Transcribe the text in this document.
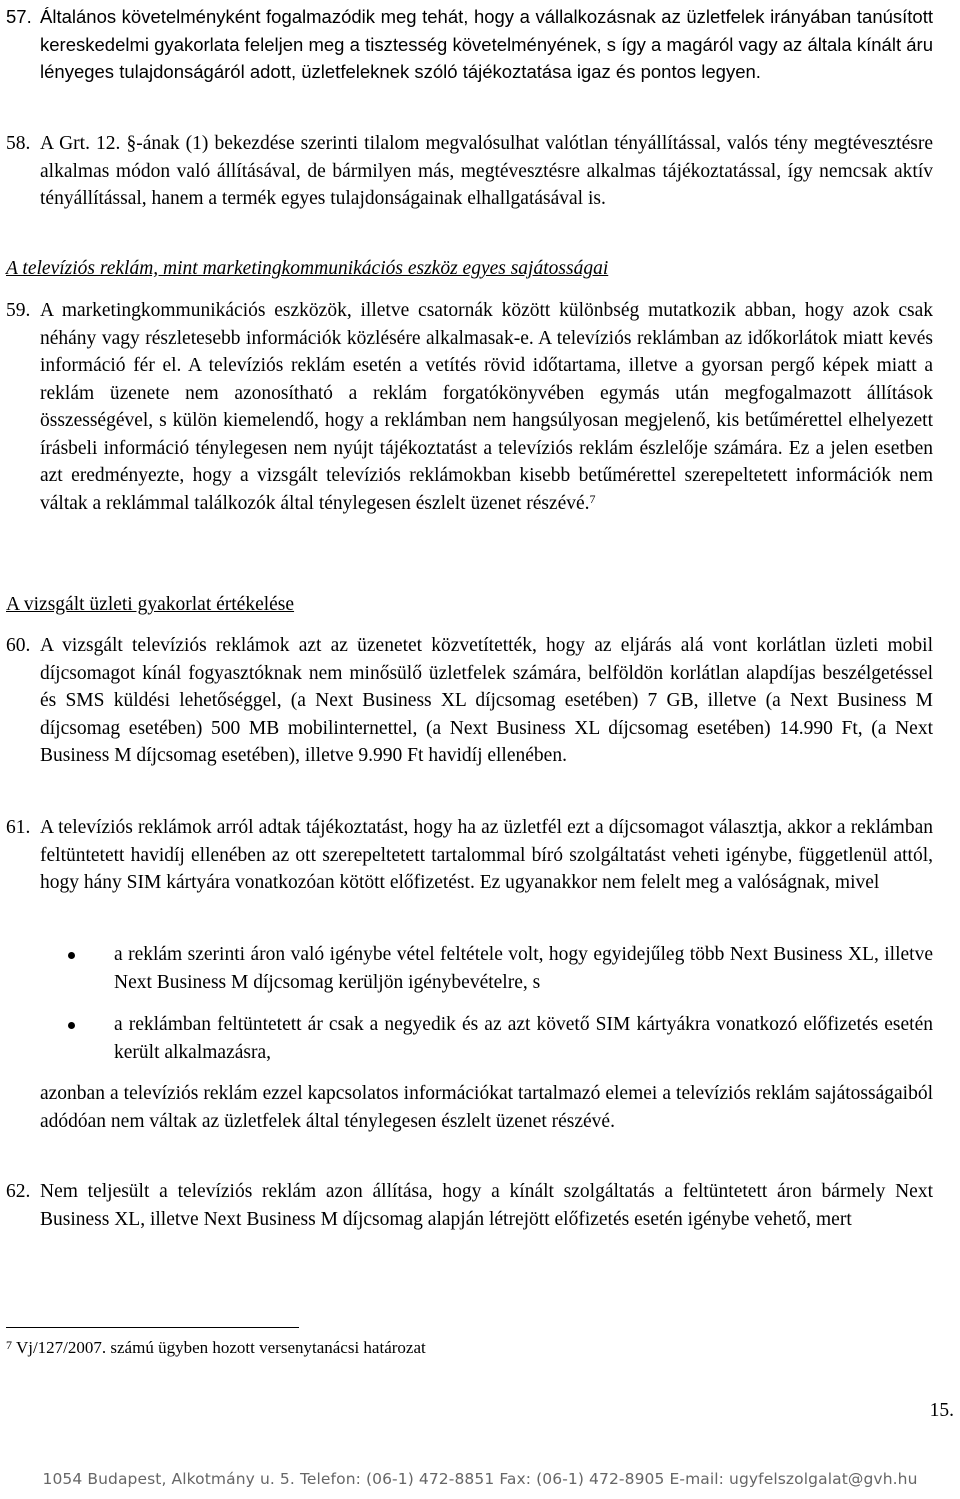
57. Általános követelményként fogalmazódik meg tehát, hogy a vállalkozásnak az üzletfelek irányában tanúsított kereskedelmi gyakorlata feleljen meg a tisztesség követelményének, s így a magáról vagy az általa kínált áru lényeges tulajdonságáról adott, üzletfeleknek szóló tájékoztatása igaz és pontos legyen.
58. A Grt. 12. §-ának (1) bekezdése szerinti tilalom megvalósulhat valótlan tényállítással, valós tény megtévesztésre alkalmas módon való állításával, de bármilyen más, megtévesztésre alkalmas tájékoztatással, így nemcsak aktív tényállítással, hanem a termék egyes tulajdonságainak elhallgatásával is.
A televíziós reklám, mint marketingkommunikációs eszköz egyes sajátosságai
59. A marketingkommunikációs eszközök, illetve csatornák között különbség mutatkozik abban, hogy azok csak néhány vagy részletesebb információk közlésére alkalmasak-e. A televíziós reklámban az időkorlátok miatt kevés információ fér el. A televíziós reklám esetén a vetítés rövid időtartama, illetve a gyorsan pergő képek miatt a reklám üzenete nem azonosítható a reklám forgatókönyvében egymás után megfogalmazott állítások összességével, s külön kiemelendő, hogy a reklámban nem hangsúlyosan megjelenő, kis betűmérettel elhelyezett írásbeli információ ténylegesen nem nyújt tájékoztatást a televíziós reklám észlelője számára. Ez a jelen esetben azt eredményezte, hogy a vizsgált televíziós reklámokban kisebb betűmérettel szerepeltetett információk nem váltak a reklámmal találkozók által ténylegesen észlelt üzenet részévé.$^7$
A vizsgált üzleti gyakorlat értékelése
60. A vizsgált televíziós reklámok azt az üzenetet közvetítették, hogy az eljárás alá vont korlátlan üzleti mobil díjcsomagot kínál fogyasztóknak nem minősülő üzletfelek számára, belföldön korlátlan alapdíjas beszélgetéssel és SMS küldési lehetőséggel, (a Next Business XL díjcsomag esetében) 7 GB, illetve (a Next Business M díjcsomag esetében) 500 MB mobilinternettel, (a Next Business XL díjcsomag esetében) 14.990 Ft, (a Next Business M díjcsomag esetében), illetve 9.990 Ft havidíj ellenében.
61. A televíziós reklámok arról adtak tájékoztatást, hogy ha az üzletfél ezt a díjcsomagot választja, akkor a reklámban feltüntetett havidíj ellenében az ott szerepeltetett tartalommal bíró szolgáltatást veheti igénybe, függetlenül attól, hogy hány SIM kártyára vonatkozóan kötött előfizetést. Ez ugyanakkor nem felelt meg a valóságnak, mivel
a reklám szerinti áron való igénybe vétel feltétele volt, hogy egyidejűleg több Next Business XL, illetve Next Business M díjcsomag kerüljön igénybevételre, s
a reklámban feltüntetett ár csak a negyedik és az azt követő SIM kártyákra vonatkozó előfizetés esetén került alkalmazásra,
azonban a televíziós reklám ezzel kapcsolatos információkat tartalmazó elemei a televíziós reklám sajátosságaiból adódóan nem váltak az üzletfelek által ténylegesen észlelt üzenet részévé.
62. Nem teljesült a televíziós reklám azon állítása, hogy a kínált szolgáltatás a feltüntetett áron bármely Next Business XL, illetve Next Business M díjcsomag alapján létrejött előfizetés esetén igénybe vehető, mert
$^7$ Vj/127/2007. számú ügyben hozott versenytanácsi határozat
15.
1054 Budapest, Alkotmány u. 5. Telefon: (06-1) 472-8851 Fax: (06-1) 472-8905 E-mail: ugyfelszolgalat@gvh.hu
